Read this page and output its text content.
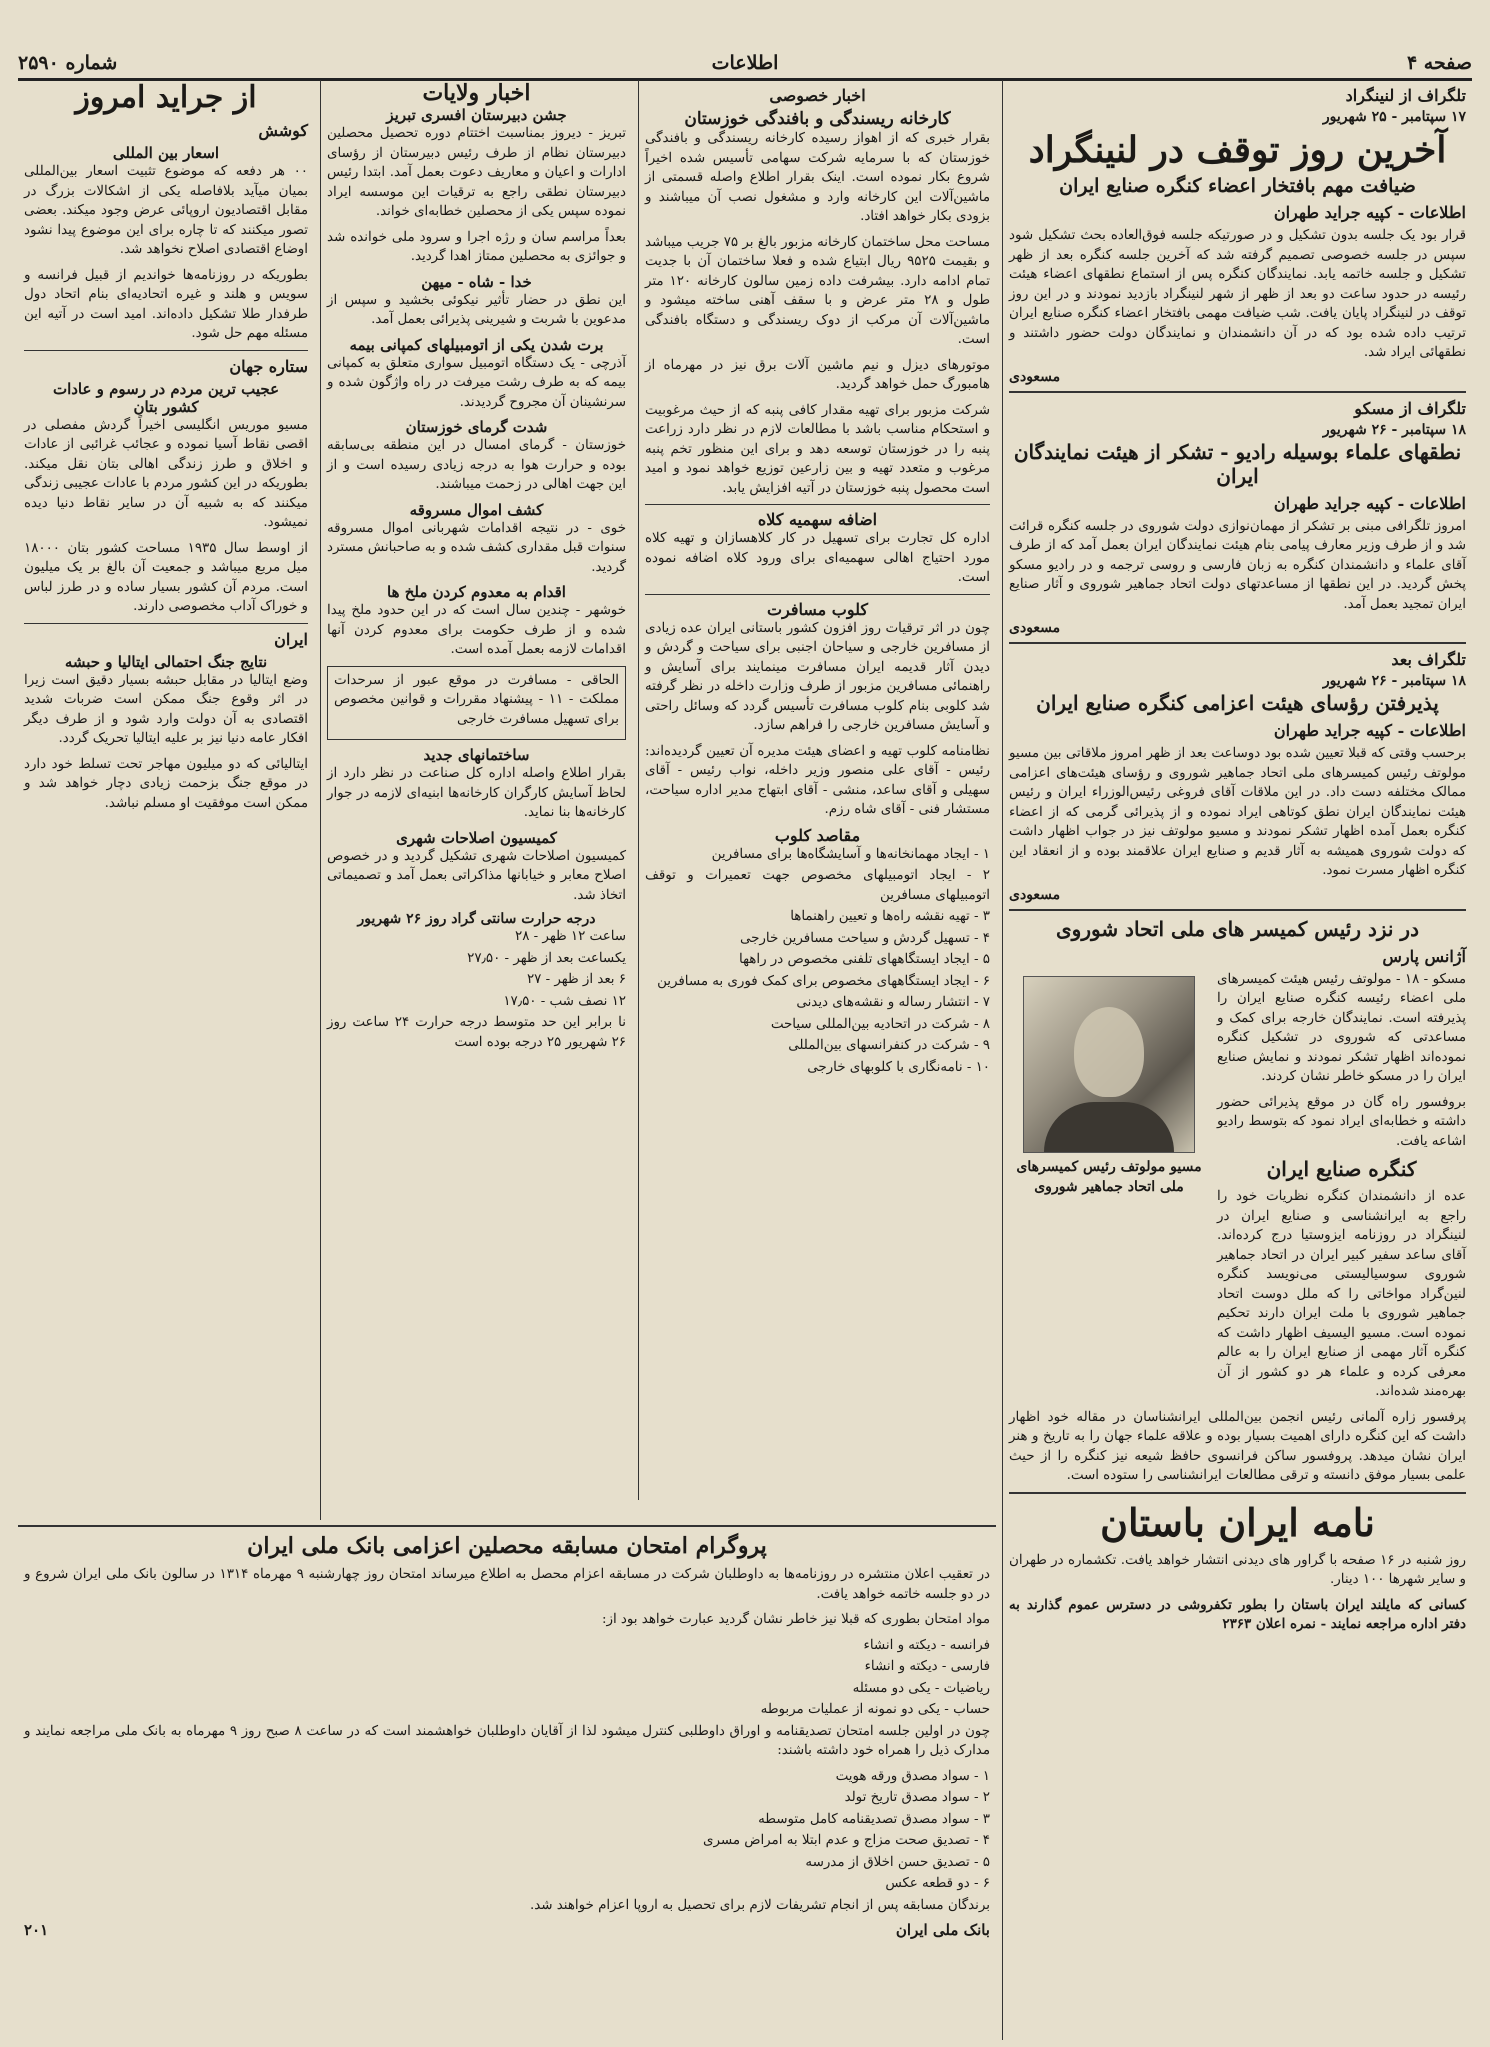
صفحه ۴
اطلاعات
شماره ۲۵۹۰
تلگراف از لنینگراد
۱۷ سپتامبر - ۲۵ شهریور
آخرین روز توقف در لنینگراد
ضیافت مهم بافتخار اعضاء کنگره صنایع ایران
اطلاعات - کپیه جراید طهران

قرار بود یک جلسه بدون تشکیل و در صورتیکه جلسه فوق‌العاده بحث تشکیل شود سپس در جلسه خصوصی تصمیم گرفته شد که آخرین جلسه کنگره بعد از ظهر تشکیل و جلسه خاتمه یابد. نمایندگان کنگره پس از استماع نطقهای اعضاء هیئت رئیسه در حدود ساعت دو بعد از ظهر از شهر لنینگراد بازدید نمودند و در این روز توقف در لنینگراد پایان یافت. شب ضیافت مهمی بافتخار اعضاء کنگره صنایع ایران ترتیب داده شده بود که در آن دانشمندان و نمایندگان دولت حضور داشتند و نطقهائی ایراد شد.

مسعودی
تلگراف از مسکو
۱۸ سپتامبر - ۲۶ شهریور
نطقهای علماء بوسیله رادیو - تشکر از هیئت نمایندگان ایران
اطلاعات - کپیه جراید طهران

امروز تلگرافی مبنی بر تشکر از مهمان‌نوازی دولت شوروی در جلسه کنگره قرائت شد و از طرف وزیر معارف پیامی بنام هیئت نمایندگان ایران بعمل آمد که از طرف آقای علماء و دانشمندان کنگره به زبان فارسی و روسی ترجمه و در رادیو مسکو پخش گردید. در این نطقها از مساعدتهای دولت اتحاد جماهیر شوروی و آثار صنایع ایران تمجید بعمل آمد.

مسعودی
تلگراف بعد
۱۸ سپتامبر - ۲۶ شهریور
پذیرفتن رؤسای هیئت اعزامی کنگره صنایع ایران
اطلاعات - کپیه جراید طهران

برحسب وقتی که قبلا تعیین شده بود دوساعت بعد از ظهر امروز ملاقاتی بین مسیو مولوتف رئیس کمیسرهای ملی اتحاد جماهیر شوروی و رؤسای هیئت‌های اعزامی ممالک مختلفه دست داد. در این ملاقات آقای فروغی رئیس‌الوزراء ایران و رئیس هیئت نمایندگان ایران نطق کوتاهی ایراد نموده و از پذیرائی گرمی که از اعضاء کنگره بعمل آمده اظهار تشکر نمودند و مسیو مولوتف نیز در جواب اظهار داشت که دولت شوروی همیشه به آثار قدیم و صنایع ایران علاقمند بوده و از انعقاد این کنگره اظهار مسرت نمود.

مسعودی
در نزد رئیس کمیسر های ملی اتحاد شوروی
آژانس پارس

مسکو - ۱۸ - مولوتف رئیس هیئت کمیسرهای ملی اعضاء رئیسه کنگره صنایع ایران را پذیرفته است. نمایندگان خارجه برای کمک و مساعدتی که شوروی در تشکیل کنگره نموده‌اند اظهار تشکر نمودند و نمایش صنایع ایران را در مسکو خاطر نشان کردند.

بروفسور راه گان در موقع پذیرائی حضور داشته و خطابه‌ای ایراد نمود که بتوسط رادیو اشاعه یافت.

کنگره صنایع ایران

عده از دانشمندان کنگره نظریات خود را راجع به ایرانشناسی و صنایع ایران در لنینگراد در روزنامه ایزوستیا درج کرده‌اند. آقای ساعد سفیر کبیر ایران در اتحاد جماهیر شوروی سوسیالیستی می‌نویسد کنگره لنین‌گراد مواخاتی را که ملل دوست اتحاد جماهیر شوروی با ملت ایران دارند تحکیم نموده است. مسیو الیسیف اظهار داشت که کنگره آثار مهمی از صنایع ایران را به عالم معرفی کرده و علماء هر دو کشور از آن بهره‌مند شده‌اند.

مسیو مولوتف رئیس کمیسرهای ملی اتحاد جماهیر شوروی

پرفسور زاره آلمانی رئیس انجمن بین‌المللی ایرانشناسان در مقاله خود اظهار داشت که این کنگره دارای اهمیت بسیار بوده و علاقه علماء جهان را به تاریخ و هنر ایران نشان میدهد. پروفسور ساکن فرانسوی حافظ شیعه نیز کنگره را از حیث علمی بسیار موفق دانسته و ترقی مطالعات ایرانشناسی را ستوده است.

نامه ایران باستان

روز شنبه در ۱۶ صفحه با گراور های دیدنی انتشار خواهد یافت. تکشماره در طهران و سایر شهرها ۱۰۰ دینار.

کسانی که مایلند ایران باستان را بطور تکفروشی در دسترس عموم گذارند به دفتر اداره مراجعه نمایند - نمره اعلان ۲۳۶۳

اخبار خصوصی
کارخانه ریسندگی و بافندگی خوزستان

بقرار خبری که از اهواز رسیده کارخانه ریسندگی و بافندگی خوزستان که با سرمایه شرکت سهامی تأسیس شده اخیراً شروع بکار نموده است. اینک بقرار اطلاع واصله قسمتی از ماشین‌آلات این کارخانه وارد و مشغول نصب آن میباشند و بزودی بکار خواهد افتاد.

مساحت محل ساختمان کارخانه مزبور بالغ بر ۷۵ جریب میباشد و بقیمت ۹۵۲۵ ریال ابتیاع شده و فعلا ساختمان آن با جدیت تمام ادامه دارد. بیشرفت داده زمین سالون کارخانه ۱۲۰ متر طول و ۲۸ متر عرض و با سقف آهنی ساخته میشود و ماشین‌آلات آن مرکب از دوک ریسندگی و دستگاه بافندگی است.

موتورهای دیزل و نیم ماشین آلات برق نیز در مهرماه از هامبورگ حمل خواهد گردید.

شرکت مزبور برای تهیه مقدار کافی پنبه که از حیث مرغوبیت و استحکام مناسب باشد با مطالعات لازم در نظر دارد زراعت پنبه را در خوزستان توسعه دهد و برای این منظور تخم پنبه مرغوب و متعدد تهیه و بین زارعین توزیع خواهد نمود و امید است محصول پنبه خوزستان در آتیه افزایش یابد.

اضافه سهمیه کلاه

اداره کل تجارت برای تسهیل در کار کلاهسازان و تهیه کلاه مورد احتیاج اهالی سهمیه‌ای برای ورود کلاه اضافه نموده است.

کلوب مسافرت

چون در اثر ترقیات روز افزون کشور باستانی ایران عده زیادی از مسافرین خارجی و سیاحان اجنبی برای سیاحت و گردش و دیدن آثار قدیمه ایران مسافرت مینمایند برای آسایش و راهنمائی مسافرین مزبور از طرف وزارت داخله در نظر گرفته شد کلوبی بنام کلوب مسافرت تأسیس گردد که وسائل راحتی و آسایش مسافرین خارجی را فراهم سازد.

نظامنامه کلوب تهیه و اعضای هیئت مدیره آن تعیین گردیده‌اند: رئیس - آقای علی منصور وزیر داخله، نواب رئیس - آقای سهیلی و آقای ساعد، منشی - آقای ابتهاج مدیر اداره سیاحت، مستشار فنی - آقای شاه رزم.

مقاصد کلوب

۱ - ایجاد مهمانخانه‌ها و آسایشگاه‌ها برای مسافرین

۲ - ایجاد اتومبیلهای مخصوص جهت تعمیرات و توقف اتومبیلهای مسافرین

۳ - تهیه نقشه راه‌ها و تعیین راهنماها

۴ - تسهیل گردش و سیاحت مسافرین خارجی

۵ - ایجاد ایستگاههای تلفنی مخصوص در راهها

۶ - ایجاد ایستگاههای مخصوص برای کمک فوری به مسافرین

۷ - انتشار رساله و نقشه‌های دیدنی

۸ - شرکت در اتحادیه بین‌المللی سیاحت

۹ - شرکت در کنفرانسهای بین‌المللی

۱۰ - نامه‌نگاری با کلوبهای خارجی

اخبار ولایات
جشن دبیرستان افسری تبریز

تبریز - دیروز بمناسبت اختتام دوره تحصیل محصلین دبیرستان نظام از طرف رئیس دبیرستان از رؤسای ادارات و اعیان و معاریف دعوت بعمل آمد. ابتدا رئیس دبیرستان نطقی راجع به ترقیات این موسسه ایراد نموده سپس یکی از محصلین خطابه‌ای خواند.

بعداً مراسم سان و رژه اجرا و سرود ملی خوانده شد و جوائزی به محصلین ممتاز اهدا گردید.

خدا - شاه - میهن

این نطق در حضار تأثیر نیکوئی بخشید و سپس از مدعوین با شربت و شیرینی پذیرائی بعمل آمد.

برت شدن یکی از اتومبیلهای کمپانی بیمه

آذرچی - یک دستگاه اتومبیل سواری متعلق به کمپانی بیمه که به طرف رشت میرفت در راه واژگون شده و سرنشینان آن مجروح گردیدند.

شدت گرمای خوزستان

خوزستان - گرمای امسال در این منطقه بی‌سابقه بوده و حرارت هوا به درجه زیادی رسیده است و از این جهت اهالی در زحمت میباشند.

کشف اموال مسروقه

خوی - در نتیجه اقدامات شهربانی اموال مسروقه سنوات قبل مقداری کشف شده و به صاحبانش مسترد گردید.

اقدام به معدوم کردن ملخ ها

خوشهر - چندین سال است که در این حدود ملخ پیدا شده و از طرف حکومت برای معدوم کردن آنها اقدامات لازمه بعمل آمده است.

الحاقی - مسافرت در موقع عبور از سرحدات مملکت - ۱۱ - پیشنهاد مقررات و قوانین مخصوص برای تسهیل مسافرت خارجی

ساختمانهای جدید

بقرار اطلاع واصله اداره کل صناعت در نظر دارد از لحاظ آسایش کارگران کارخانه‌ها ابنیه‌ای لازمه در جوار کارخانه‌ها بنا نماید.

کمیسیون اصلاحات شهری

کمیسیون اصلاحات شهری تشکیل گردید و در خصوص اصلاح معابر و خیابانها مذاکراتی بعمل آمد و تصمیماتی اتخاذ شد.

درجه حرارت سانتی گراد روز ۲۶ شهریور

ساعت ۱۲ ظهر - ۲۸

یکساعت بعد از ظهر - ۲۷٫۵۰

۶ بعد از ظهر - ۲۷

۱۲ نصف شب - ۱۷٫۵۰

نا برابر این حد متوسط درجه حرارت ۲۴ ساعت روز ۲۶ شهریور ۲۵ درجه بوده است

از جراید امروز
کوشش
اسعار بین المللی

۰۰ هر دفعه که موضوع تثبیت اسعار بین‌المللی بمیان میآید بلافاصله یکی از اشکالات بزرگ در مقابل اقتصادیون اروپائی عرض وجود میکند. بعضی تصور میکنند که تا چاره برای این موضوع پیدا نشود اوضاع اقتصادی اصلاح نخواهد شد.

بطوریکه در روزنامه‌ها خواندیم از قبیل فرانسه و سویس و هلند و غیره اتحادیه‌ای بنام اتحاد دول طرفدار طلا تشکیل داده‌اند. امید است در آتیه این مسئله مهم حل شود.

ستاره جهان
عجیب ترین مردم در رسوم و عادات
کشور بتان

مسیو موریس انگلیسی اخیراً گردش مفصلی در اقصی نقاط آسیا نموده و عجائب غرائبی از عادات و اخلاق و طرز زندگی اهالی بتان نقل میکند. بطوریکه در این کشور مردم با عادات عجیبی زندگی میکنند که به شبیه آن در سایر نقاط دنیا دیده نمیشود.

از اوسط سال ۱۹۳۵ مساحت کشور بتان ۱۸۰۰۰ میل مربع میباشد و جمعیت آن بالغ بر یک میلیون است. مردم آن کشور بسیار ساده و در طرز لباس و خوراک آداب مخصوصی دارند.

ایران
نتایج جنگ احتمالی ایتالیا و حبشه

وضع ایتالیا در مقابل حبشه بسیار دقیق است زیرا در اثر وقوع جنگ ممکن است ضربات شدید اقتصادی به آن دولت وارد شود و از طرف دیگر افکار عامه دنیا نیز بر علیه ایتالیا تحریک گردد.

ایتالیائی که دو میلیون مهاجر تحت تسلط خود دارد در موقع جنگ بزحمت زیادی دچار خواهد شد و ممکن است موفقیت او مسلم نباشد.

پروگرام امتحان مسابقه محصلین اعزامی بانک ملی ایران

در تعقیب اعلان منتشره در روزنامه‌ها به داوطلبان شرکت در مسابقه اعزام محصل به اطلاع میرساند امتحان روز چهارشنبه ۹ مهرماه ۱۳۱۴ در سالون بانک ملی ایران شروع و در دو جلسه خاتمه خواهد یافت.

مواد امتحان بطوری که قبلا نیز خاطر نشان گردید عبارت خواهد بود از:

فرانسه - دیکته و انشاء

فارسی - دیکته و انشاء

ریاضیات - یکی دو مسئله

حساب - یکی دو نمونه از عملیات مربوطه

چون در اولین جلسه امتحان تصدیقنامه و اوراق داوطلبی کنترل میشود لذا از آقایان داوطلبان خواهشمند است که در ساعت ۸ صبح روز ۹ مهرماه به بانک ملی مراجعه نمایند و مدارک ذیل را همراه خود داشته باشند:

۱ - سواد مصدق ورقه هویت

۲ - سواد مصدق تاریخ تولد

۳ - سواد مصدق تصدیقنامه کامل متوسطه

۴ - تصدیق صحت مزاج و عدم ابتلا به امراض مسری

۵ - تصدیق حسن اخلاق از مدرسه

۶ - دو قطعه عکس

برندگان مسابقه پس از انجام تشریفات لازم برای تحصیل به اروپا اعزام خواهند شد.

بانک ملی ایران
۲۰۱
